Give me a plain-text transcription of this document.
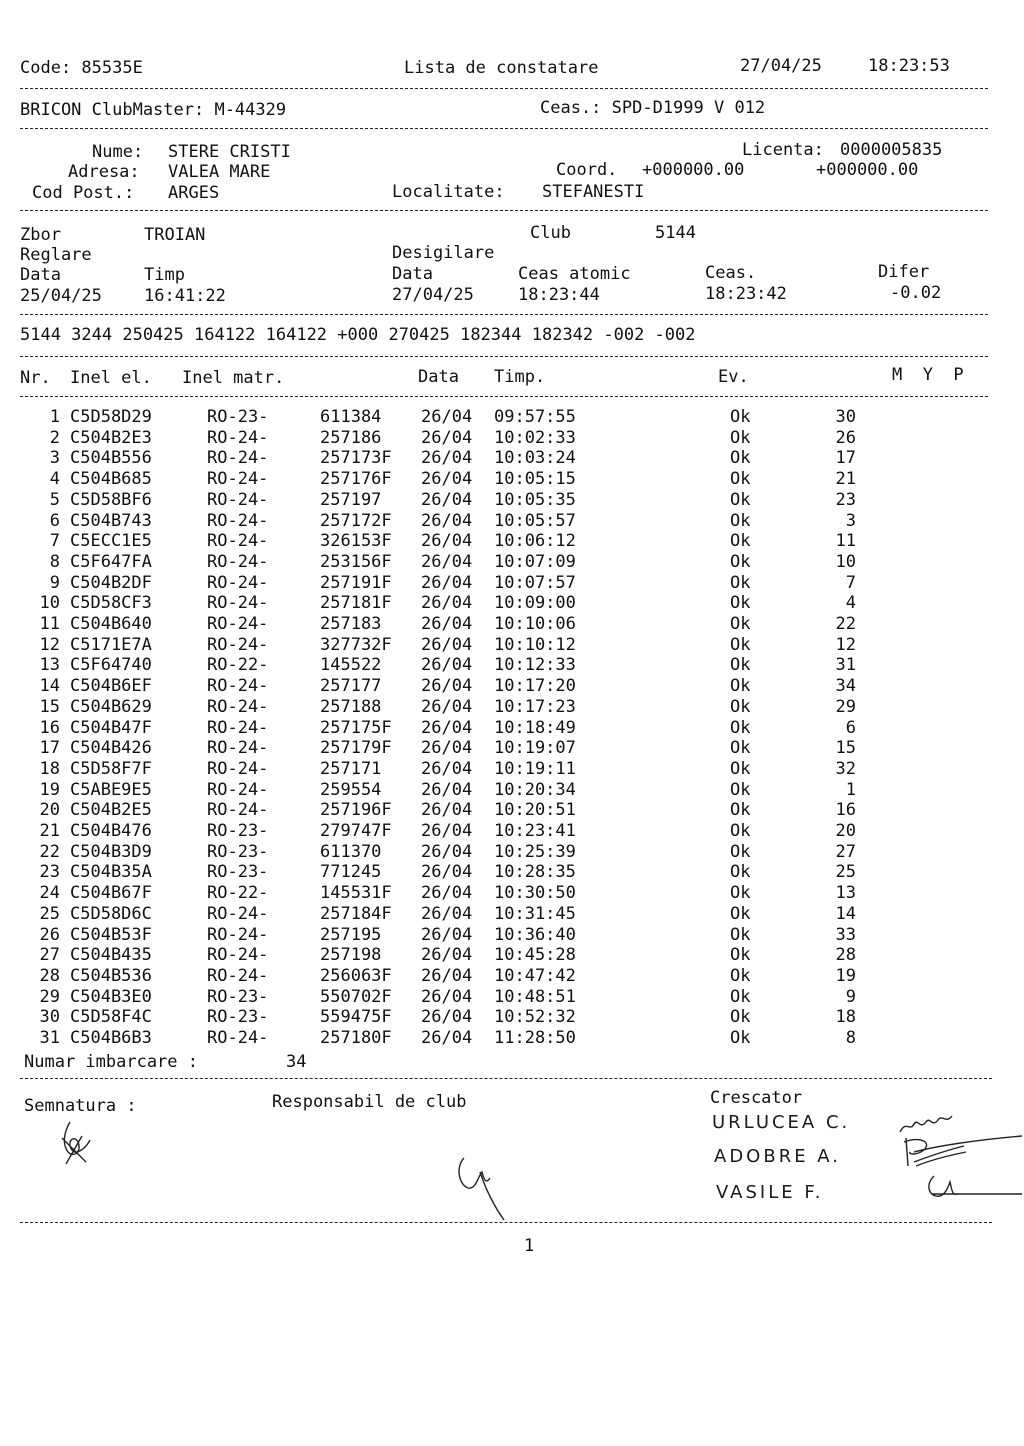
Code: 85535E	Lista de constatare	27/04/25	18:23:53
BRICON ClubMaster: M-44329	Ceas.: SPD-D1999 V 012
Nume: STERE CRISTI	Licenta: 0000005835
Adresa: VALEA MARE	Coord. +000000.00	+000000.00
Cod Post.: ARGES	Localitate: STEFANESTI
Zbor	TROIAN	Club	5144
Reglare	Desigilare
Data	Timp	Data	Ceas atomic	Ceas.	Difer
25/04/25 16:41:22	27/04/25	18:23:44	18:23:42	-0.02
5144 3244 250425 164122 164122 +000 270425 182344 182342 -002 -002
Nr. Inel el. Inel matr.	Data Timp.	Ev.	M  Y  P
1 C5D58D29	RO-23-	611384 26/04 09:57:55	Ok	30
2 C504B2E3	RO-24-	257186 26/04 10:02:33	Ok	26
3 C504B556	RO-24-	257173F 26/04 10:03:24	Ok	17
4 C504B685	RO-24-	257176F 26/04 10:05:15	Ok	21
5 C5D58BF6	RO-24-	257197 26/04 10:05:35	Ok	23
6 C504B743	RO-24-	257172F 26/04 10:05:57	Ok	3
7 C5ECC1E5	RO-24-	326153F 26/04 10:06:12	Ok	11
8 C5F647FA	RO-24-	253156F 26/04 10:07:09	Ok	10
9 C504B2DF	RO-24-	257191F 26/04 10:07:57	Ok	7
10 C5D58CF3	RO-24-	257181F 26/04 10:09:00	Ok	4
11 C504B640	RO-24-	257183 26/04 10:10:06	Ok	22
12 C5171E7A	RO-24-	327732F 26/04 10:10:12	Ok	12
13 C5F64740	RO-22-	145522 26/04 10:12:33	Ok	31
14 C504B6EF	RO-24-	257177 26/04 10:17:20	Ok	34
15 C504B629	RO-24-	257188 26/04 10:17:23	Ok	29
16 C504B47F	RO-24-	257175F 26/04 10:18:49	Ok	6
17 C504B426	RO-24-	257179F 26/04 10:19:07	Ok	15
18 C5D58F7F	RO-24-	257171 26/04 10:19:11	Ok	32
19 C5ABE9E5	RO-24-	259554 26/04 10:20:34	Ok	1
20 C504B2E5	RO-24-	257196F 26/04 10:20:51	Ok	16
21 C504B476	RO-23-	279747F 26/04 10:23:41	Ok	20
22 C504B3D9	RO-23-	611370 26/04 10:25:39	Ok	27
23 C504B35A	RO-23-	771245 26/04 10:28:35	Ok	25
24 C504B67F	RO-22-	145531F 26/04 10:30:50	Ok	13
25 C5D58D6C	RO-24-	257184F 26/04 10:31:45	Ok	14
26 C504B53F	RO-24-	257195 26/04 10:36:40	Ok	33
27 C504B435	RO-24-	257198 26/04 10:45:28	Ok	28
28 C504B536	RO-24-	256063F 26/04 10:47:42	Ok	19
29 C504B3E0	RO-23-	550702F 26/04 10:48:51	Ok	9
30 C5D58F4C	RO-23-	559475F 26/04 10:52:32	Ok	18
31 C504B6B3	RO-24-	257180F 26/04 11:28:50	Ok	8
Numar imbarcare :	34
Semnatura :	Responsabil de club	Crescator
URLUCEA C.
ADOBRE A.
VASILE F.
1
